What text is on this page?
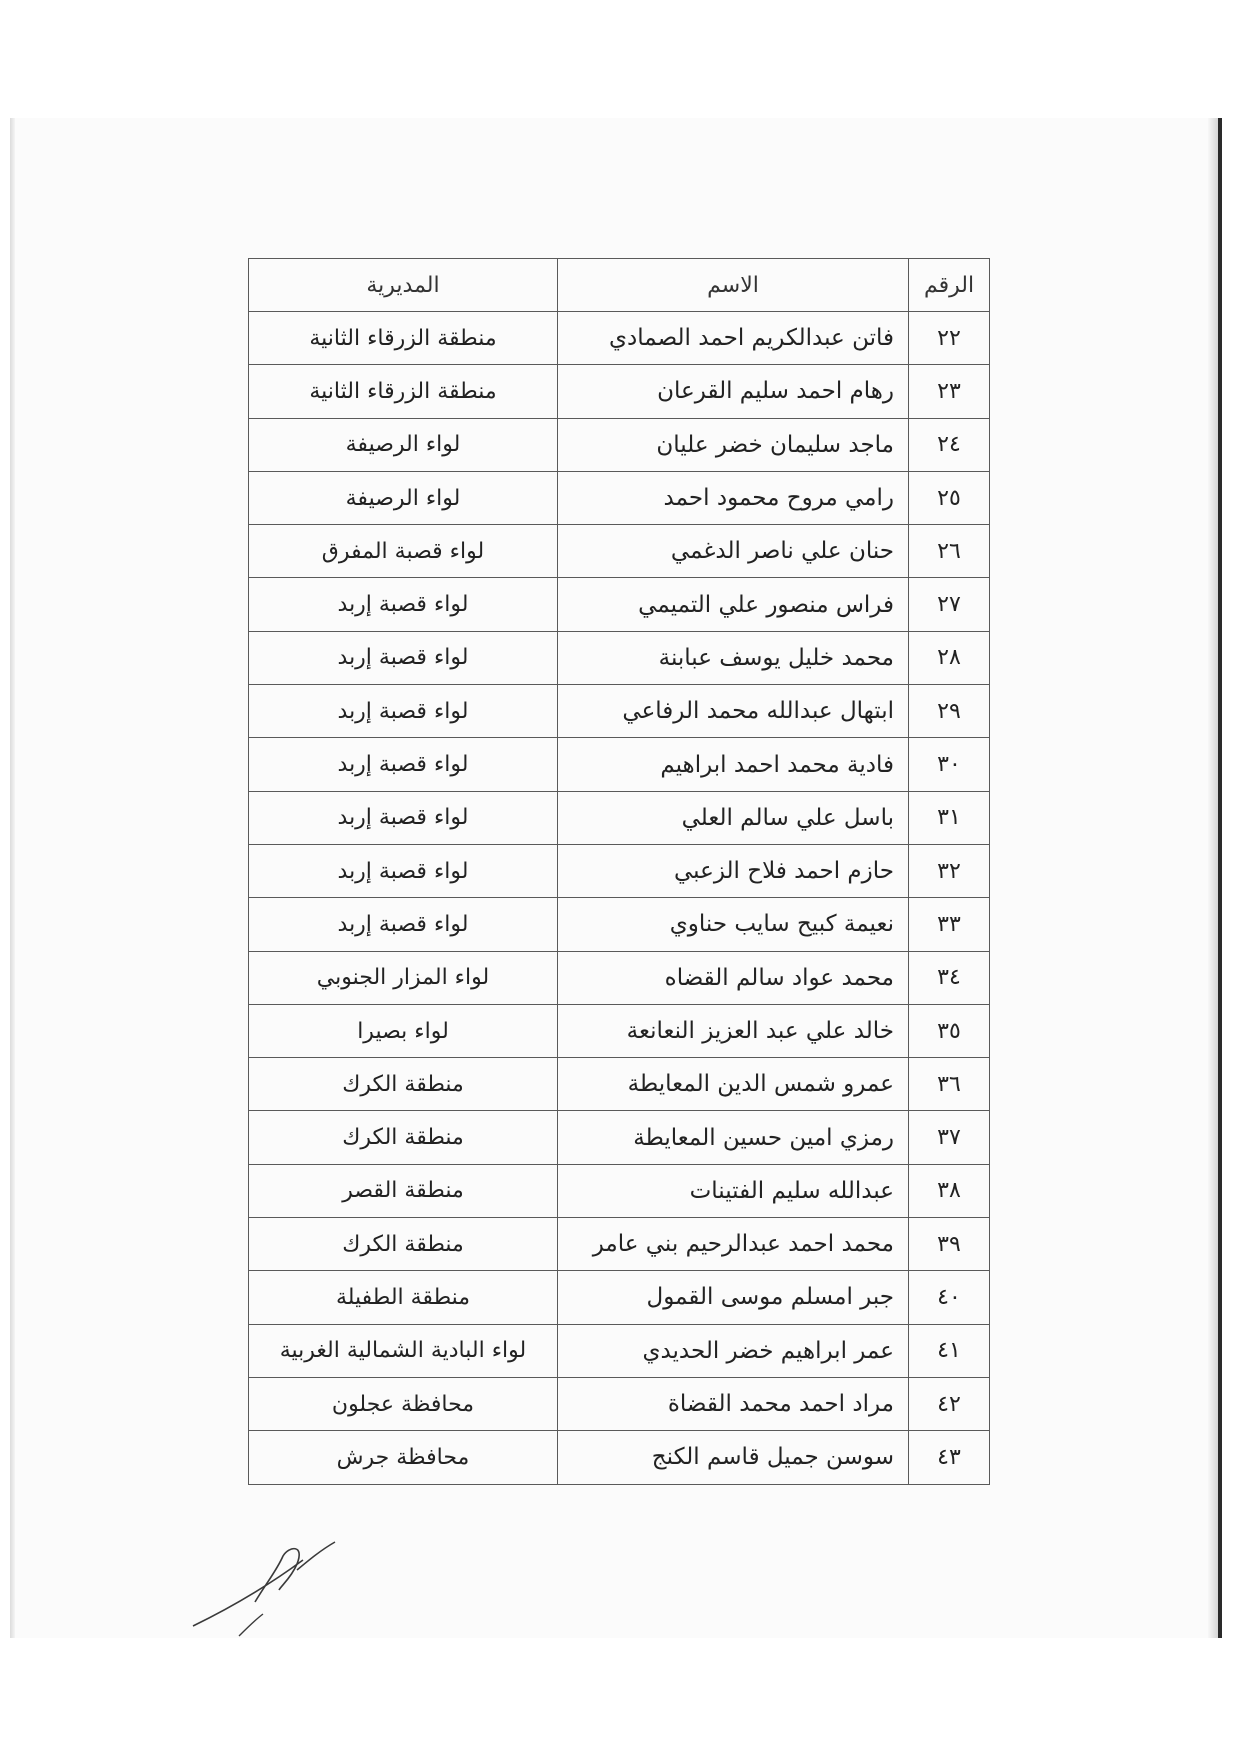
الرقم	الاسم	المديرية
٢٢	فاتن عبدالكريم احمد الصمادي	منطقة الزرقاء الثانية
٢٣	رهام احمد سليم القرعان	منطقة الزرقاء الثانية
٢٤	ماجد سليمان خضر عليان	لواء الرصيفة
٢٥	رامي مروح محمود احمد	لواء الرصيفة
٢٦	حنان علي ناصر الدغمي	لواء قصبة المفرق
٢٧	فراس منصور علي التميمي	لواء قصبة إربد
٢٨	محمد خليل يوسف عبابنة	لواء قصبة إربد
٢٩	ابتهال عبدالله محمد الرفاعي	لواء قصبة إربد
٣٠	فادية محمد احمد ابراهيم	لواء قصبة إربد
٣١	باسل علي سالم العلي	لواء قصبة إربد
٣٢	حازم احمد فلاح الزعبي	لواء قصبة إربد
٣٣	نعيمة كبيح سايب حناوي	لواء قصبة إربد
٣٤	محمد عواد سالم القضاه	لواء المزار الجنوبي
٣٥	خالد علي عبد العزيز النعانعة	لواء بصيرا
٣٦	عمرو شمس الدين المعايطة	منطقة الكرك
٣٧	رمزي امين حسين المعايطة	منطقة الكرك
٣٨	عبدالله سليم الفتينات	منطقة القصر
٣٩	محمد احمد عبدالرحيم بني عامر	منطقة الكرك
٤٠	جبر امسلم موسى القمول	منطقة الطفيلة
٤١	عمر ابراهيم خضر الحديدي	لواء البادية الشمالية الغربية
٤٢	مراد احمد محمد القضاة	محافظة عجلون
٤٣	سوسن جميل قاسم الكنج	محافظة جرش
